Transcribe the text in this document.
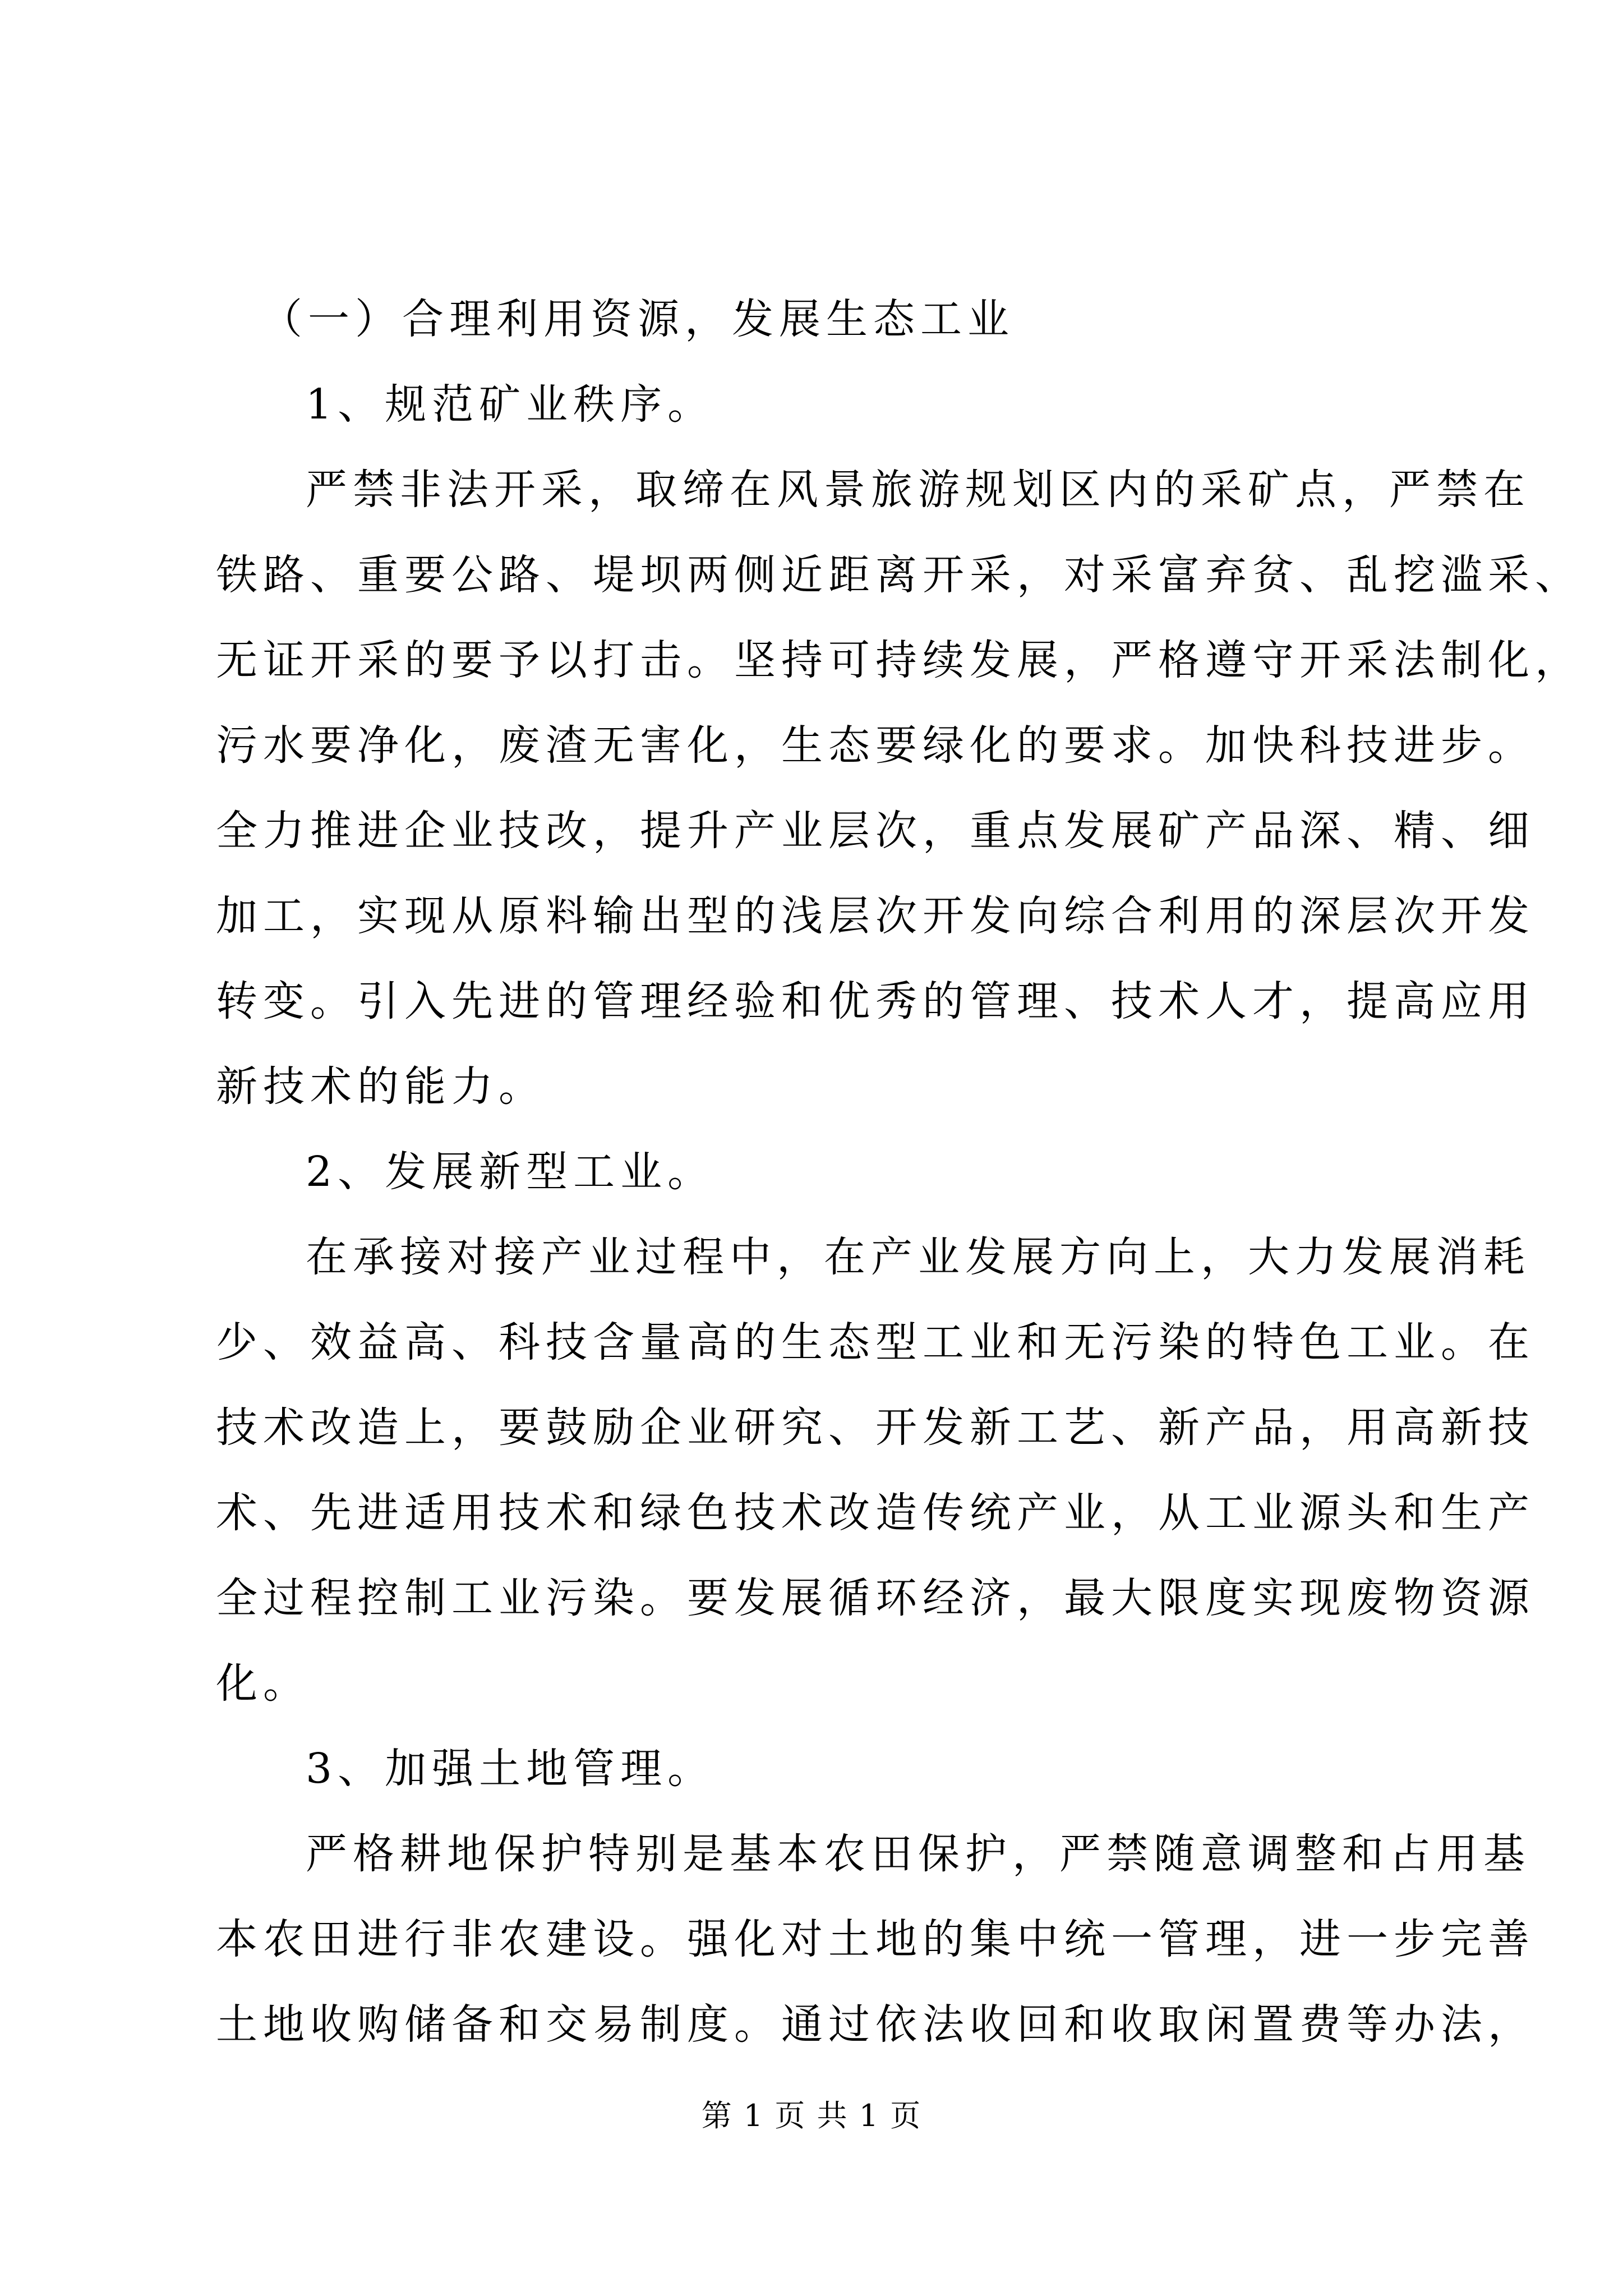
（一）合理利用资源，发展生态工业

1、规范矿业秩序。

严禁非法开采，取缔在风景旅游规划区内的采矿点，严禁在

铁路、重要公路、堤坝两侧近距离开采，对采富弃贫、乱挖滥采、

无证开采的要予以打击。坚持可持续发展，严格遵守开采法制化，

污水要净化，废渣无害化，生态要绿化的要求。加快科技进步。

全力推进企业技改，提升产业层次，重点发展矿产品深、精、细

加工，实现从原料输出型的浅层次开发向综合利用的深层次开发

转变。引入先进的管理经验和优秀的管理、技术人才，提高应用

新技术的能力。

2、发展新型工业。

在承接对接产业过程中，在产业发展方向上，大力发展消耗

少、效益高、科技含量高的生态型工业和无污染的特色工业。在

技术改造上，要鼓励企业研究、开发新工艺、新产品，用高新技

术、先进适用技术和绿色技术改造传统产业，从工业源头和生产

全过程控制工业污染。要发展循环经济，最大限度实现废物资源

化。

3、加强土地管理。

严格耕地保护特别是基本农田保护，严禁随意调整和占用基

本农田进行非农建设。强化对土地的集中统一管理，进一步完善

土地收购储备和交易制度。通过依法收回和收取闲置费等办法，

第 1 页 共 1 页
